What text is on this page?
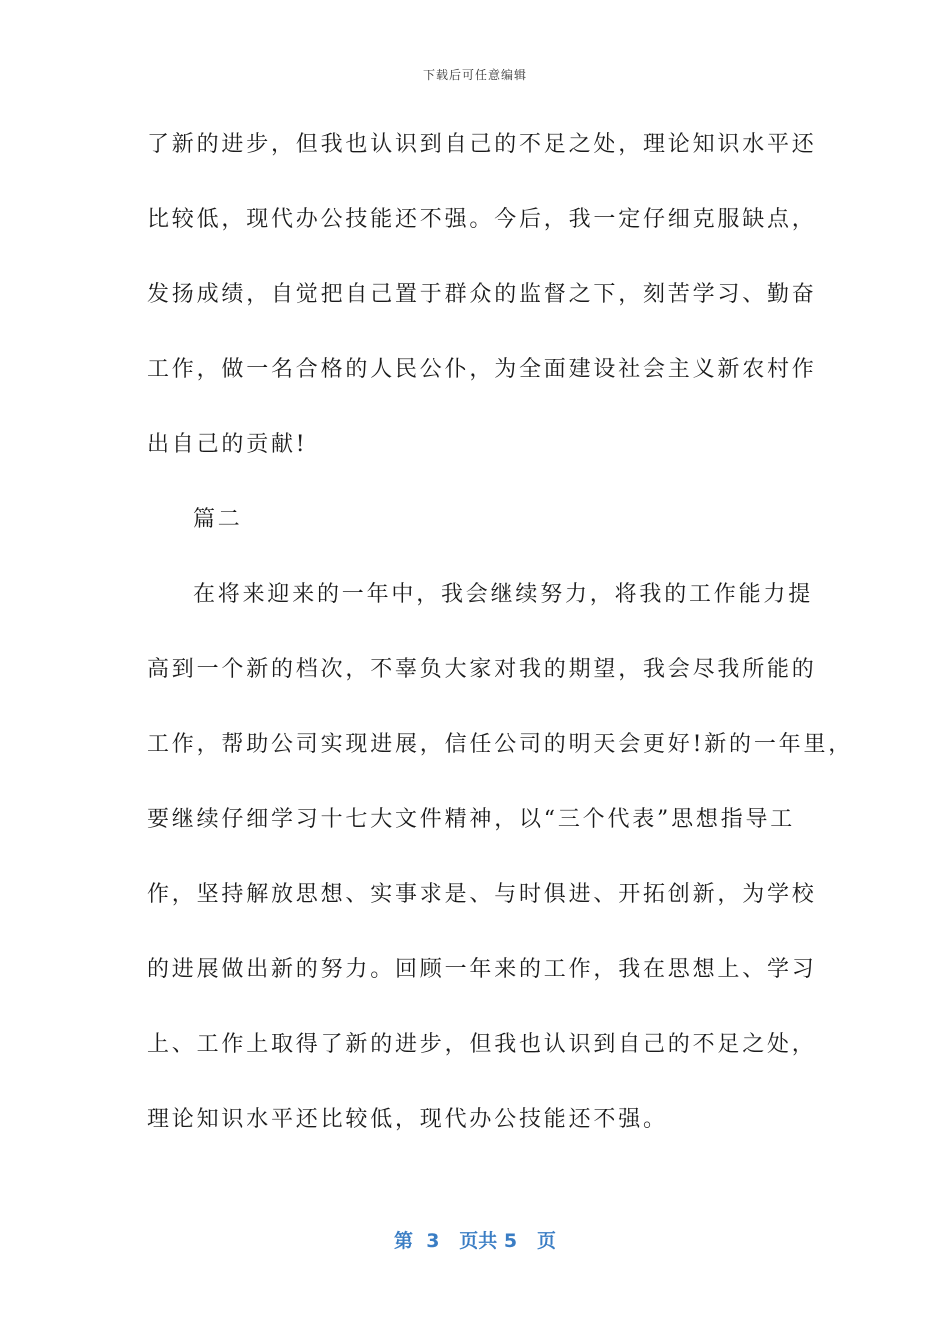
下载后可任意编辑
了新的进步，但我也认识到自己的不足之处，理论知识水平还
比较低，现代办公技能还不强。今后，我一定仔细克服缺点，
发扬成绩，自觉把自己置于群众的监督之下，刻苦学习、勤奋
工作，做一名合格的人民公仆，为全面建设社会主义新农村作
出自己的贡献!
篇二
在将来迎来的一年中，我会继续努力，将我的工作能力提
高到一个新的档次，不辜负大家对我的期望，我会尽我所能的
工作，帮助公司实现进展，信任公司的明天会更好!新的一年里，
要继续仔细学习十七大文件精神，以“三个代表”思想指导工
作，坚持解放思想、实事求是、与时俱进、开拓创新，为学校
的进展做出新的努力。回顾一年来的工作，我在思想上、学习
上、工作上取得了新的进步，但我也认识到自己的不足之处，
理论知识水平还比较低，现代办公技能还不强。
第  3   页共 5   页
